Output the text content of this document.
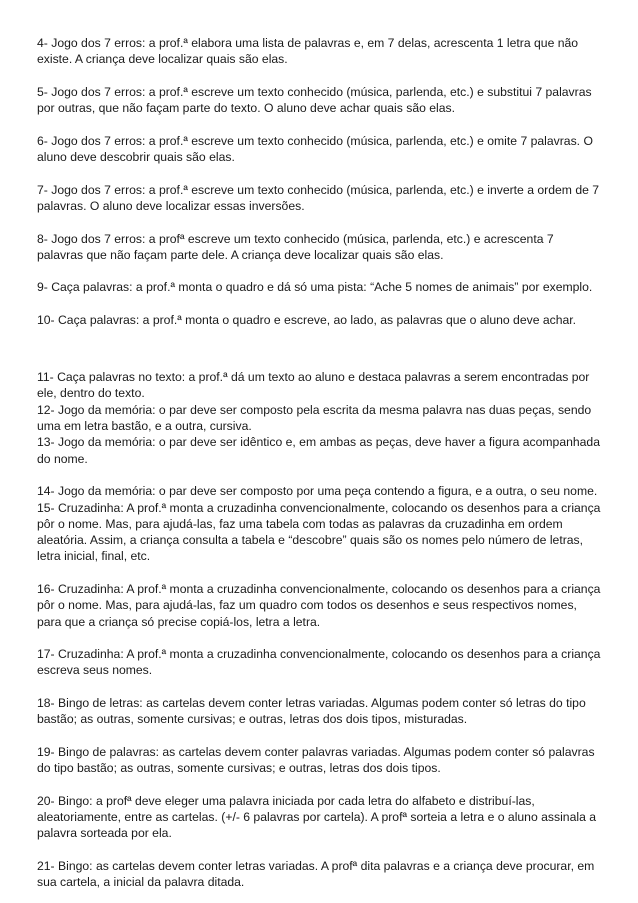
4- Jogo dos 7 erros: a prof.ª elabora uma lista de palavras e, em 7 delas, acrescenta 1 letra que não existe. A criança deve localizar quais são elas.

5- Jogo dos 7 erros: a prof.ª escreve um texto conhecido (música, parlenda, etc.) e substitui 7 palavras por outras, que não façam parte do texto. O aluno deve achar quais são elas.

6- Jogo dos 7 erros: a prof.ª escreve um texto conhecido (música, parlenda, etc.) e omite 7 palavras. O aluno deve descobrir quais são elas.

7- Jogo dos 7 erros: a prof.ª escreve um texto conhecido (música, parlenda, etc.) e inverte a ordem de 7 palavras. O aluno deve localizar essas inversões.

8- Jogo dos 7 erros: a profª escreve um texto conhecido (música, parlenda, etc.) e acrescenta 7 palavras que não façam parte dele. A criança deve localizar quais são elas.

9- Caça palavras: a prof.ª monta o quadro e dá só uma pista: “Ache 5 nomes de animais” por exemplo.

10- Caça palavras: a prof.ª monta o quadro e escreve, ao lado, as palavras que o aluno deve achar.

11- Caça palavras no texto: a prof.ª dá um texto ao aluno e destaca palavras a serem encontradas por ele, dentro do texto.

12- Jogo da memória: o par deve ser composto pela escrita da mesma palavra nas duas peças, sendo uma em letra bastão, e a outra, cursiva.

13- Jogo da memória: o par deve ser idêntico e, em ambas as peças, deve haver a figura acompanhada do nome.

14- Jogo da memória: o par deve ser composto por uma peça contendo a figura, e a outra, o seu nome.

15- Cruzadinha: A prof.ª monta a cruzadinha convencionalmente, colocando os desenhos para a criança pôr o nome. Mas, para ajudá-las, faz uma tabela com todas as palavras da cruzadinha em ordem aleatória. Assim, a criança consulta a tabela e “descobre” quais são os nomes pelo número de letras, letra inicial, final, etc.

16- Cruzadinha: A prof.ª monta a cruzadinha convencionalmente, colocando os desenhos para a criança pôr o nome. Mas, para ajudá-las, faz um quadro com todos os desenhos e seus respectivos nomes, para que a criança só precise copiá-los, letra a letra.

17- Cruzadinha: A prof.ª monta a cruzadinha convencionalmente, colocando os desenhos para a criança escreva seus nomes.

18- Bingo de letras: as cartelas devem conter letras variadas. Algumas podem conter só letras do tipo bastão; as outras, somente cursivas; e outras, letras dos dois tipos, misturadas.

19- Bingo de palavras: as cartelas devem conter palavras variadas. Algumas podem conter só palavras do tipo bastão; as outras, somente cursivas; e outras, letras dos dois tipos.

20- Bingo: a profª deve eleger uma palavra iniciada por cada letra do alfabeto e distribuí-las, aleatoriamente, entre as cartelas. (+/- 6 palavras por cartela). A profª sorteia a letra e o aluno assinala a palavra sorteada por ela.

21- Bingo: as cartelas devem conter letras variadas. A profª dita palavras e a criança deve procurar, em sua cartela, a inicial da palavra ditada.
